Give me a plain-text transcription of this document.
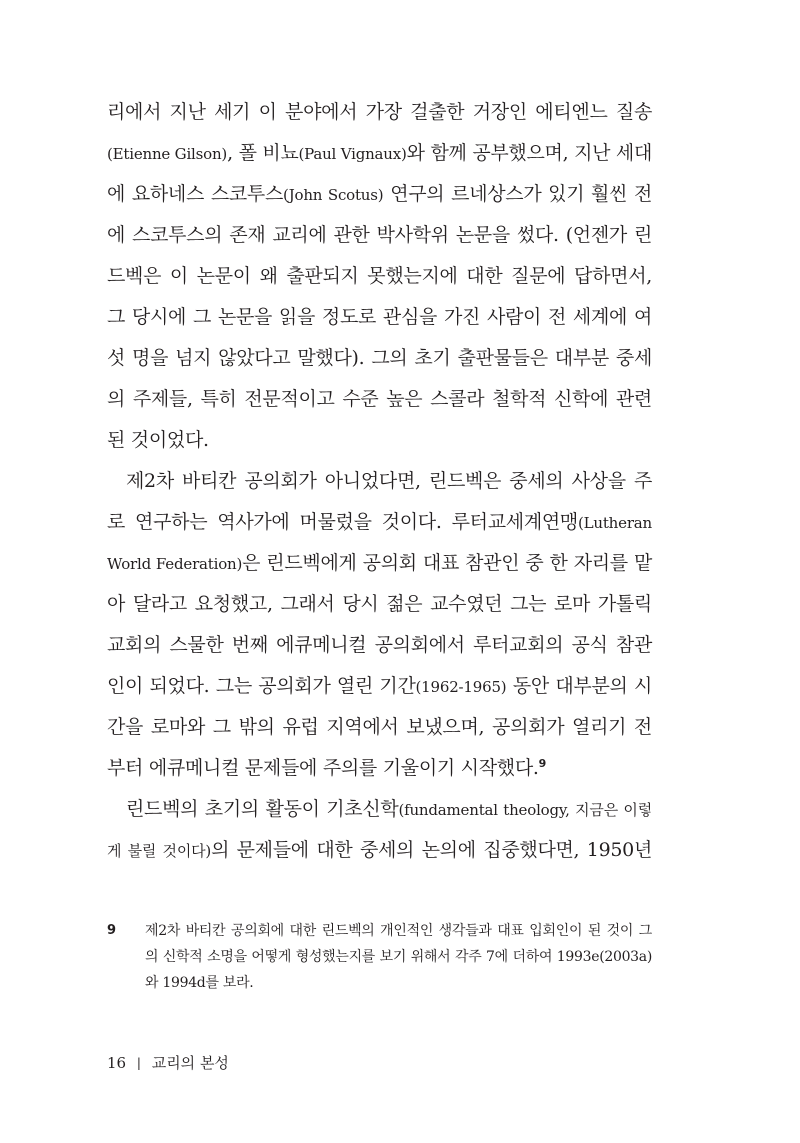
리에서 지난 세기 이 분야에서 가장 걸출한 거장인 에티엔느 질송
(Etienne Gilson), 폴 비뇨(Paul Vignaux)와 함께 공부했으며, 지난 세대
에 요하네스 스코투스(John Scotus) 연구의 르네상스가 있기 훨씬 전
에 스코투스의 존재 교리에 관한 박사학위 논문을 썼다. (언젠가 린
드벡은 이 논문이 왜 출판되지 못했는지에 대한 질문에 답하면서,
그 당시에 그 논문을 읽을 정도로 관심을 가진 사람이 전 세계에 여
섯 명을 넘지 않았다고 말했다). 그의 초기 출판물들은 대부분 중세
의 주제들, 특히 전문적이고 수준 높은 스콜라 철학적 신학에 관련
된 것이었다.
제2차 바티칸 공의회가 아니었다면, 린드벡은 중세의 사상을 주
로 연구하는 역사가에 머물렀을 것이다. 루터교세계연맹(Lutheran
World Federation)은 린드벡에게 공의회 대표 참관인 중 한 자리를 맡
아 달라고 요청했고, 그래서 당시 젊은 교수였던 그는 로마 가톨릭
교회의 스물한 번째 에큐메니컬 공의회에서 루터교회의 공식 참관
인이 되었다. 그는 공의회가 열린 기간(1962-1965) 동안 대부분의 시
간을 로마와 그 밖의 유럽 지역에서 보냈으며, 공의회가 열리기 전
부터 에큐메니컬 문제들에 주의를 기울이기 시작했다.$^9$
린드벡의 초기의 활동이 기초신학(fundamental theology, 지금은 이렇
게 불릴 것이다)의 문제들에 대한 중세의 논의에 집중했다면, 1950년
9 제2차 바티칸 공의회에 대한 린드벡의 개인적인 생각들과 대표 입회인이 된 것이 그
의 신학적 소명을 어떻게 형성했는지를 보기 위해서 각주 7에 더하여 1993e(2003a)
와 1994d를 보라.
16 | 교리의 본성
